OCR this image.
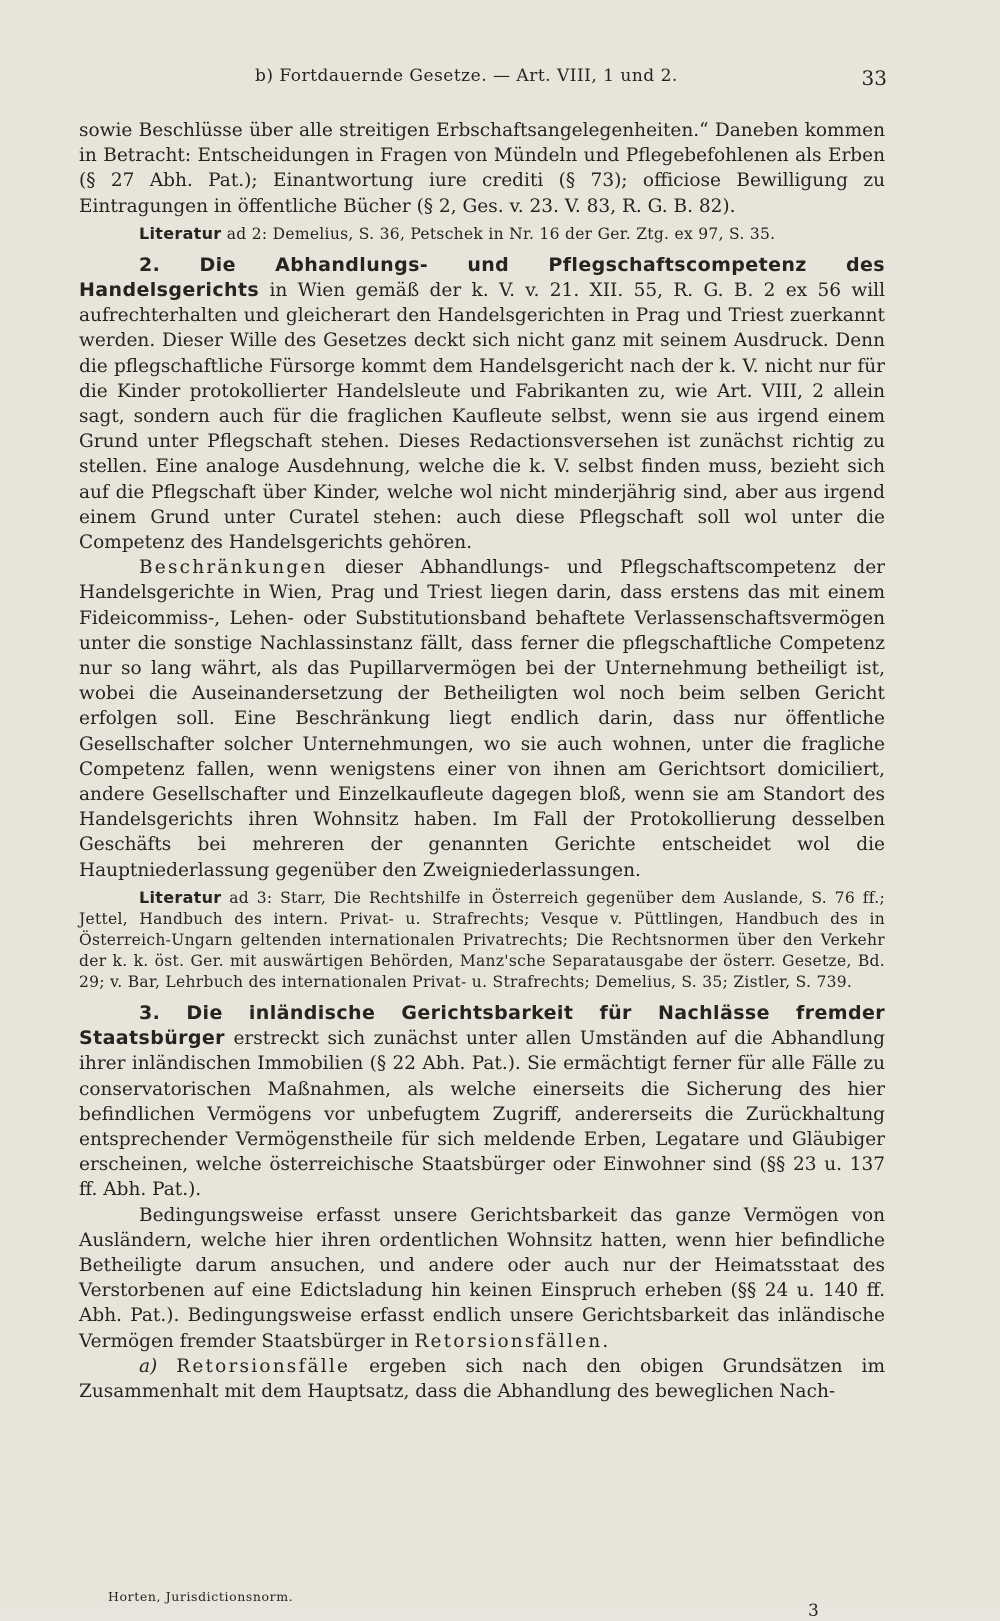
b) Fortdauernde Gesetze. — Art. VIII, 1 und 2.	33

sowie Beschlüsse über alle streitigen Erbschaftsangelegenheiten.“ Daneben kommen in Betracht: Entscheidungen in Fragen von Mündeln und Pflegebefohlenen als Erben (§ 27 Abh. Pat.); Einantwortung iure crediti (§ 73); officiose Bewilligung zu Eintragungen in öffentliche Bücher (§ 2, Ges. v. 23. V. 83, R. G. B. 82).

Literatur ad 2: Demelius, S. 36, Petschek in Nr. 16 der Ger. Ztg. ex 97, S. 35.

2. Die Abhandlungs- und Pflegschaftscompetenz des Handelsgerichts in Wien gemäß der k. V. v. 21. XII. 55, R. G. B. 2 ex 56 will aufrechterhalten und gleicherart den Handelsgerichten in Prag und Triest zuerkannt werden. Dieser Wille des Gesetzes deckt sich nicht ganz mit seinem Ausdruck. Denn die pflegschaftliche Fürsorge kommt dem Handelsgericht nach der k. V. nicht nur für die Kinder protokollierter Handelsleute und Fabrikanten zu, wie Art. VIII, 2 allein sagt, sondern auch für die fraglichen Kaufleute selbst, wenn sie aus irgend einem Grund unter Pflegschaft stehen. Dieses Redactionsversehen ist zunächst richtig zu stellen. Eine analoge Ausdehnung, welche die k. V. selbst finden muss, bezieht sich auf die Pflegschaft über Kinder, welche wol nicht minderjährig sind, aber aus irgend einem Grund unter Curatel stehen: auch diese Pflegschaft soll wol unter die Competenz des Handelsgerichts gehören.

Beschränkungen dieser Abhandlungs- und Pflegschaftscompetenz der Handelsgerichte in Wien, Prag und Triest liegen darin, dass erstens das mit einem Fideicommiss-, Lehen- oder Substitutionsband behaftete Verlassenschaftsvermögen unter die sonstige Nachlassinstanz fällt, dass ferner die pflegschaftliche Competenz nur so lang währt, als das Pupillarvermögen bei der Unternehmung betheiligt ist, wobei die Auseinandersetzung der Betheiligten wol noch beim selben Gericht erfolgen soll. Eine Beschränkung liegt endlich darin, dass nur öffentliche Gesellschafter solcher Unternehmungen, wo sie auch wohnen, unter die fragliche Competenz fallen, wenn wenigstens einer von ihnen am Gerichtsort domiciliert, andere Gesellschafter und Einzelkaufleute dagegen bloß, wenn sie am Standort des Handelsgerichts ihren Wohnsitz haben. Im Fall der Protokollierung desselben Geschäfts bei mehreren der genannten Gerichte entscheidet wol die Hauptniederlassung gegenüber den Zweigniederlassungen.

Literatur ad 3: Starr, Die Rechtshilfe in Österreich gegenüber dem Auslande, S. 76 ff.; Jettel, Handbuch des intern. Privat- u. Strafrechts; Vesque v. Püttlingen, Handbuch des in Österreich-Ungarn geltenden internationalen Privatrechts; Die Rechtsnormen über den Verkehr der k. k. öst. Ger. mit auswärtigen Behörden, Manz'sche Separatausgabe der österr. Gesetze, Bd. 29; v. Bar, Lehrbuch des internationalen Privat- u. Strafrechts; Demelius, S. 35; Zistler, S. 739.

3. Die inländische Gerichtsbarkeit für Nachlässe fremder Staatsbürger erstreckt sich zunächst unter allen Umständen auf die Abhandlung ihrer inländischen Immobilien (§ 22 Abh. Pat.). Sie ermächtigt ferner für alle Fälle zu conservatorischen Maßnahmen, als welche einerseits die Sicherung des hier befindlichen Vermögens vor unbefugtem Zugriff, andererseits die Zurückhaltung entsprechender Vermögenstheile für sich meldende Erben, Legatare und Gläubiger erscheinen, welche österreichische Staatsbürger oder Einwohner sind (§§ 23 u. 137 ff. Abh. Pat.).

Bedingungsweise erfasst unsere Gerichtsbarkeit das ganze Vermögen von Ausländern, welche hier ihren ordentlichen Wohnsitz hatten, wenn hier befindliche Betheiligte darum ansuchen, und andere oder auch nur der Heimatsstaat des Verstorbenen auf eine Edictsladung hin keinen Einspruch erheben (§§ 24 u. 140 ff. Abh. Pat.). Bedingungsweise erfasst endlich unsere Gerichtsbarkeit das inländische Vermögen fremder Staatsbürger in Retorsionsfällen.

a) Retorsionsfälle ergeben sich nach den obigen Grundsätzen im Zusammenhalt mit dem Hauptsatz, dass die Abhandlung des beweglichen Nach-

Horten, Jurisdictionsnorm.
3
